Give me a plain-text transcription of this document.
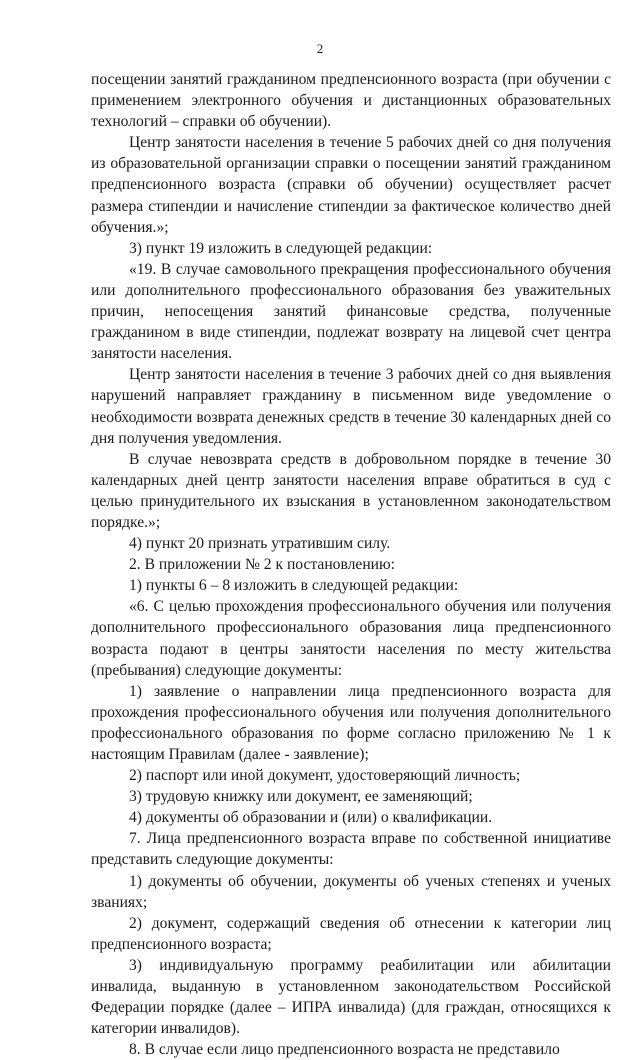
2

посещении занятий гражданином предпенсионного возраста (при обучении с применением электронного обучения и дистанционных образовательных технологий – справки об обучении).

Центр занятости населения в течение 5 рабочих дней со дня получения из образовательной организации справки о посещении занятий гражданином предпенсионного возраста (справки об обучении) осуществляет расчет размера стипендии и начисление стипендии за фактическое количество дней обучения.»;

3) пункт 19 изложить в следующей редакции:

«19. В случае самовольного прекращения профессионального обучения или дополнительного профессионального образования без уважительных причин, непосещения занятий финансовые средства, полученные гражданином в виде стипендии, подлежат возврату на лицевой счет центра занятости населения.

Центр занятости населения в течение 3 рабочих дней со дня выявления нарушений направляет гражданину в письменном виде уведомление о необходимости возврата денежных средств в течение 30 календарных дней со дня получения уведомления.

В случае невозврата средств в добровольном порядке в течение 30 календарных дней центр занятости населения вправе обратиться в суд с целью принудительного их взыскания в установленном законодательством порядке.»;

4) пункт 20 признать утратившим силу.

2. В приложении № 2 к постановлению:

1) пункты 6 – 8 изложить в следующей редакции:

«6. С целью прохождения профессионального обучения или получения дополнительного профессионального образования лица предпенсионного возраста подают в центры занятости населения по месту жительства (пребывания) следующие документы:

1) заявление о направлении лица предпенсионного возраста для прохождения профессионального обучения или получения дополнительного профессионального образования по форме согласно приложению № 1 к настоящим Правилам (далее - заявление);

2) паспорт или иной документ, удостоверяющий личность;

3) трудовую книжку или документ, ее заменяющий;

4) документы об образовании и (или) о квалификации.

7. Лица предпенсионного возраста вправе по собственной инициативе представить следующие документы:

1) документы об обучении, документы об ученых степенях и ученых званиях;

2) документ, содержащий сведения об отнесении к категории лиц предпенсионного возраста;

3) индивидуальную программу реабилитации или абилитации инвалида, выданную в установленном законодательством Российской Федерации порядке (далее – ИПРА инвалида) (для граждан, относящихся к категории инвалидов).

8. В случае если лицо предпенсионного возраста не представило
